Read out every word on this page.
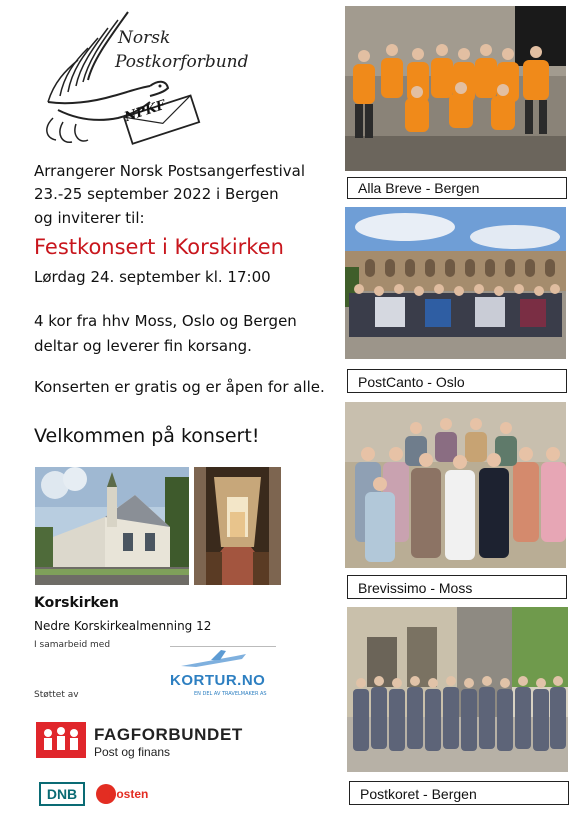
Norsk
Postkorforbund
NPKF
Arrangerer Norsk Postsangerfestival
23.-25 september 2022 i Bergen
og inviterer til:
Festkonsert i Korskirken
Lørdag 24. september kl. 17:00
4 kor fra hhv Moss, Oslo og Bergen
deltar og leverer fin korsang.
Konserten er gratis og er åpen for alle.
Velkommen på konsert!
Korskirken
Nedre Korskirkealmenning 12
I samarbeid med
KORTUR.NO
EN DEL AV TRAVELMAKER AS
Støttet av
FAGFORBUNDET
Post og finans
DNB	posten
Alla Breve - Bergen
PostCanto - Oslo
Brevissimo - Moss
Postkoret - Bergen
